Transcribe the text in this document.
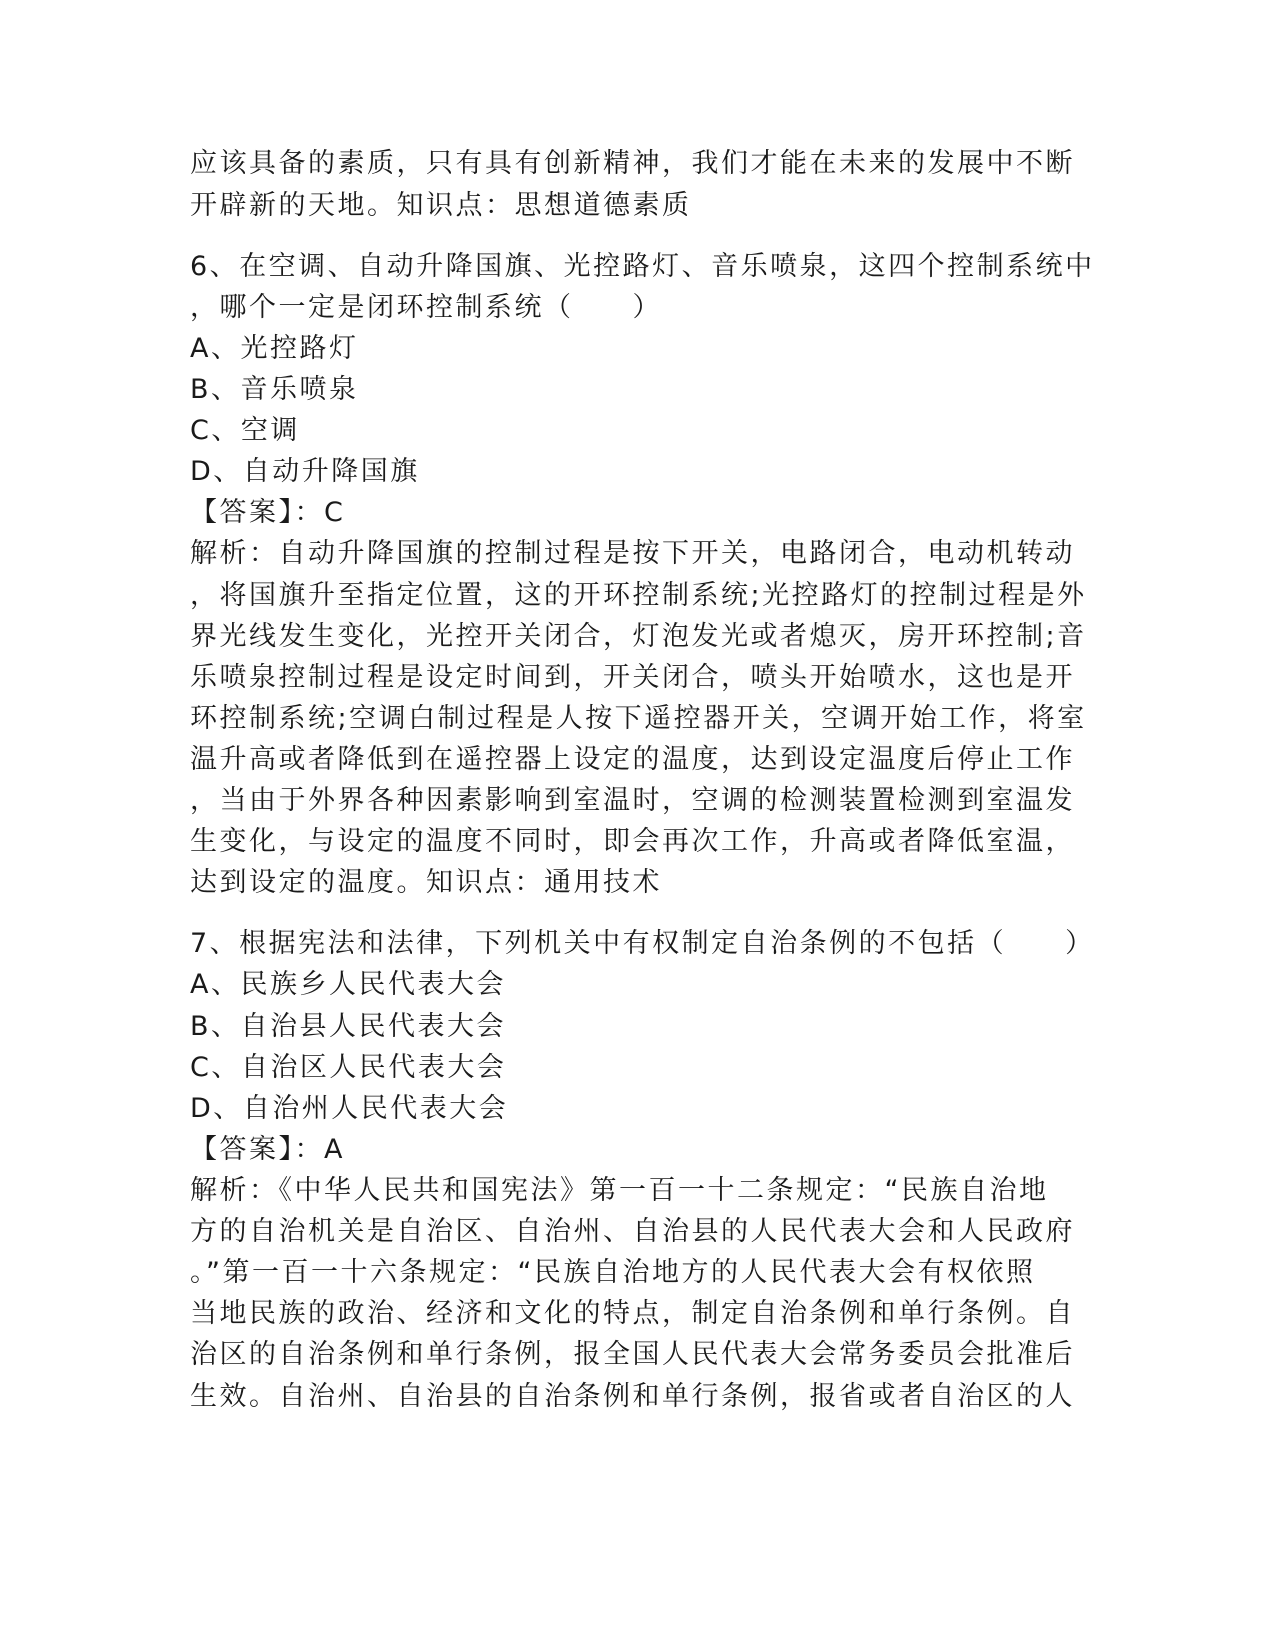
应该具备的素质，只有具有创新精神，我们才能在未来的发展中不断
开辟新的天地。知识点：思想道德素质
6、在空调、自动升降国旗、光控路灯、音乐喷泉，这四个控制系统中
，哪个一定是闭环控制系统（　　）
A、光控路灯
B、音乐喷泉
C、空调
D、自动升降国旗
【答案】：C
解析：自动升降国旗的控制过程是按下开关，电路闭合，电动机转动
，将国旗升至指定位置，这的开环控制系统;光控路灯的控制过程是外
界光线发生变化，光控开关闭合，灯泡发光或者熄灭，房开环控制;音
乐喷泉控制过程是设定时间到，开关闭合，喷头开始喷水，这也是开
环控制系统;空调白制过程是人按下遥控器开关，空调开始工作，将室
温升高或者降低到在遥控器上设定的温度，达到设定温度后停止工作
，当由于外界各种因素影响到室温时，空调的检测装置检测到室温发
生变化，与设定的温度不同时，即会再次工作，升高或者降低室温，
达到设定的温度。知识点：通用技术
7、根据宪法和法律，下列机关中有权制定自治条例的不包括（　　）
A、民族乡人民代表大会
B、自治县人民代表大会
C、自治区人民代表大会
D、自治州人民代表大会
【答案】：A
解析：《中华人民共和国宪法》第一百一十二条规定：“民族自治地
方的自治机关是自治区、自治州、自治县的人民代表大会和人民政府
。”第一百一十六条规定：“民族自治地方的人民代表大会有权依照
当地民族的政治、经济和文化的特点，制定自治条例和单行条例。自
治区的自治条例和单行条例，报全国人民代表大会常务委员会批准后
生效。自治州、自治县的自治条例和单行条例，报省或者自治区的人
